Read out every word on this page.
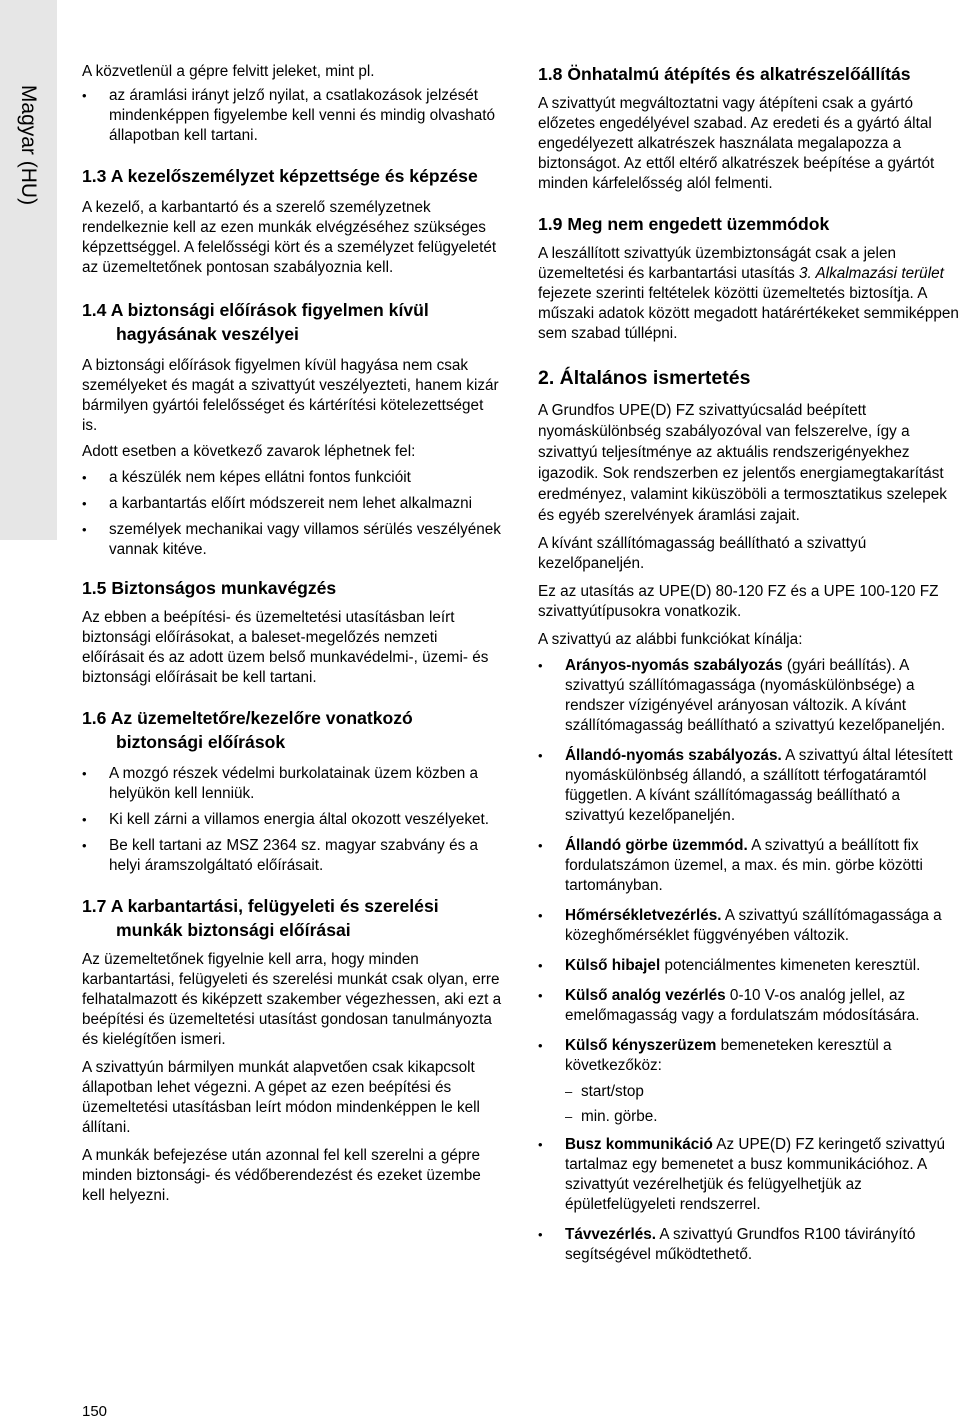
Magyar (HU)

A közvetlenül a gépre felvitt jeleket, mint pl.

• az áramlási irányt jelző nyilat, a csatlakozások jelzését mindenképpen figyelembe kell venni és mindig olvasható állapotban kell tartani.
1.3 A kezelőszemélyzet képzettsége és képzése

A kezelő, a karbantartó és a szerelő személyzetnek rendelkeznie kell az ezen munkák elvégzéséhez szükséges képzettséggel. A felelősségi kört és a személyzet felügyeletét az üzemeltetőnek pontosan szabályoznia kell.

1.4 A biztonsági előírások figyelmen kívül hagyásának veszélyei

A biztonsági előírások figyelmen kívül hagyása nem csak személyeket és magát a szivattyút veszélyezteti, hanem kizár bármilyen gyártói felelősséget és kártérítési kötelezettséget is.

Adott esetben a következő zavarok léphetnek fel:

• a készülék nem képes ellátni fontos funkcióit
• a karbantartás előírt módszereit nem lehet alkalmazni
• személyek mechanikai vagy villamos sérülés veszélyének vannak kitéve.
1.5 Biztonságos munkavégzés

Az ebben a beépítési- és üzemeltetési utasításban leírt biztonsági előírásokat, a baleset-megelőzés nemzeti előírásait és az adott üzem belső munkavédelmi-, üzemi- és biztonsági előírásait be kell tartani.

1.6 Az üzemeltetőre/kezelőre vonatkozó biztonsági előírások
• A mozgó részek védelmi burkolatainak üzem közben a helyükön kell lenniük.
• Ki kell zárni a villamos energia által okozott veszélyeket.
• Be kell tartani az MSZ 2364 sz. magyar szabvány és a helyi áramszolgáltató előírásait.
1.7 A karbantartási, felügyeleti és szerelési munkák biztonsági előírásai

Az üzemeltetőnek figyelnie kell arra, hogy minden karbantartási, felügyeleti és szerelési munkát csak olyan, erre felhatalmazott és kiképzett szakember végezhessen, aki ezt a beépítési és üzemeltetési utasítást gondosan tanulmányozta és kielégítően ismeri.

A szivattyún bármilyen munkát alapvetően csak kikapcsolt állapotban lehet végezni. A gépet az ezen beépítési és üzemeltetési utasításban leírt módon mindenképpen le kell állítani.

A munkák befejezése után azonnal fel kell szerelni a gépre minden biztonsági- és védőberendezést és ezeket üzembe kell helyezni.

1.8 Önhatalmú átépítés és alkatrészelőállítás

A szivattyút megváltoztatni vagy átépíteni csak a gyártó előzetes engedélyével szabad. Az eredeti és a gyártó által engedélyezett alkatrészek használata megalapozza a biztonságot. Az ettől eltérő alkatrészek beépítése a gyártót minden kárfelelősség alól felmenti.

1.9 Meg nem engedett üzemmódok

A leszállított szivattyúk üzembiztonságát csak a jelen üzemeltetési és karbantartási utasítás 3. Alkalmazási terület fejezete szerinti feltételek közötti üzemeltetés biztosítja. A műszaki adatok között megadott határértékeket semmiképpen sem szabad túllépni.

2. Általános ismertetés

A Grundfos UPE(D) FZ szivattyúcsalád beépített nyomáskülönbség szabályozóval van felszerelve, így a szivattyú teljesítménye az aktuális rendszerigényekhez igazodik. Sok rendszerben ez jelentős energiamegtakarítást eredményez, valamint kiküszöböli a termosztatikus szelepek és egyéb szerelvények áramlási zajait.

A kívánt szállítómagasság beállítható a szivattyú kezelőpaneljén.

Ez az utasítás az UPE(D) 80-120 FZ és a UPE 100-120 FZ szivattyútípusokra vonatkozik.

A szivattyú az alábbi funkciókat kínálja:

• Arányos-nyomás szabályozás (gyári beállítás). A szivattyú szállítómagassága (nyomáskülönbsége) a rendszer vízigényével arányosan változik. A kívánt szállítómagasság beállítható a szivattyú kezelőpaneljén.
• Állandó-nyomás szabályozás. A szivattyú által létesített nyomáskülönbség állandó, a szállított térfogatáramtól független. A kívánt szállítómagasság beállítható a szivattyú kezelőpaneljén.
• Állandó görbe üzemmód. A szivattyú a beállított fix fordulatszámon üzemel, a max. és min. görbe közötti tartományban.
• Hőmérsékletvezérlés. A szivattyú szállítómagassága a közeghőmérséklet függvényében változik.
• Külső hibajel potenciálmentes kimeneten keresztül.
• Külső analóg vezérlés 0-10 V-os analóg jellel, az emelőmagasság vagy a fordulatszám módosítására.
• Külső kényszerüzem bemeneteken keresztül a következőköz:
– start/stop
– min. görbe.
• Busz kommunikáció Az UPE(D) FZ keringető szivattyú tartalmaz egy bemenetet a busz kommunikációhoz. A szivattyút vezérelhetjük és felügyelhetjük az épületfelügyeleti rendszerrel.
• Távvezérlés. A szivattyú Grundfos R100 távirányító segítségével működtethető.
150
